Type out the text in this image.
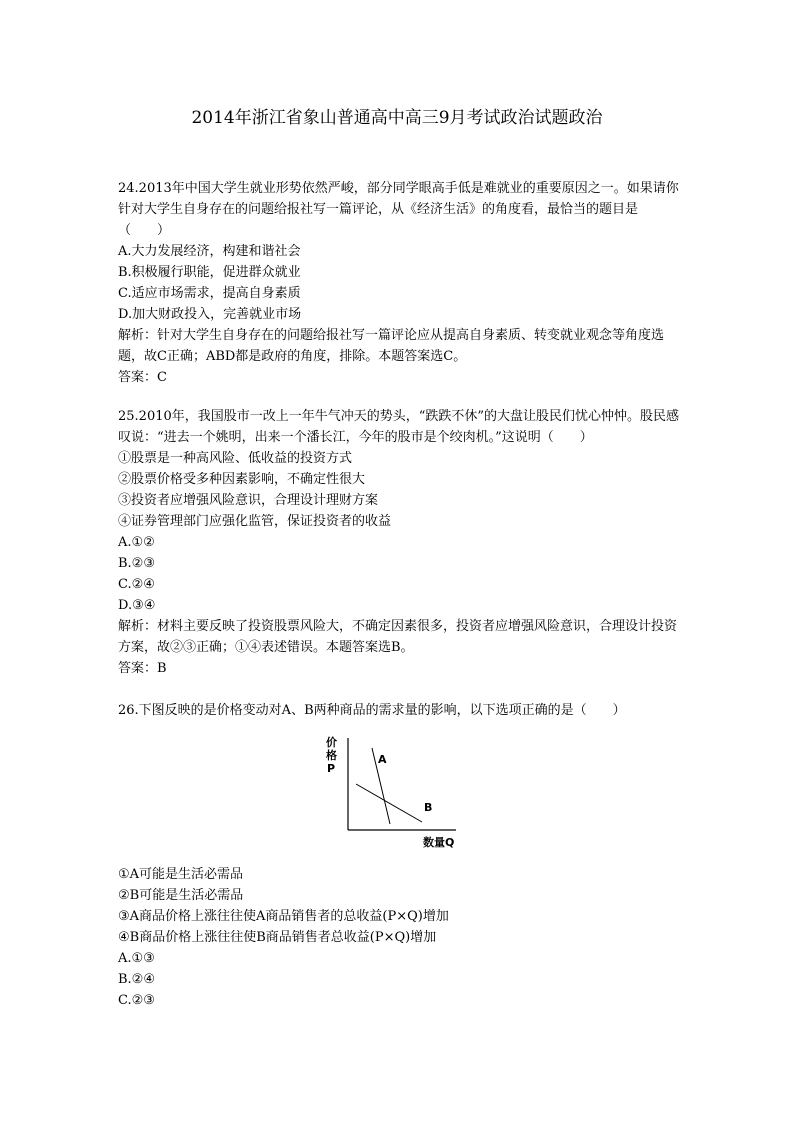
2014年浙江省象山普通高中高三9月考试政治试题政治
24.2013年中国大学生就业形势依然严峻，部分同学眼高手低是难就业的重要原因之一。如果请你针对大学生自身存在的问题给报社写一篇评论，从《经济生活》的角度看，最恰当的题目是　（　　）
A.大力发展经济，构建和谐社会
B.积极履行职能，促进群众就业
C.适应市场需求，提高自身素质
D.加大财政投入，完善就业市场
解析：针对大学生自身存在的问题给报社写一篇评论应从提高自身素质、转变就业观念等角度选题，故C正确；ABD都是政府的角度，排除。本题答案选C。
答案：C
25.2010年，我国股市一改上一年牛气冲天的势头，“跌跌不休”的大盘让股民们忧心忡忡。股民感叹说：“进去一个姚明，出来一个潘长江，今年的股市是个绞肉机。”这说明（　　）
①股票是一种高风险、低收益的投资方式
②股票价格受多种因素影响，不确定性很大
③投资者应增强风险意识，合理设计理财方案
④证券管理部门应强化监管，保证投资者的收益
A.①②
B.②③
C.②④
D.③④
解析：材料主要反映了投资股票风险大，不确定因素很多，投资者应增强风险意识，合理设计投资方案，故②③正确；①④表述错误。本题答案选B。
答案：B
26.下图反映的是价格变动对A、B两种商品的需求量的影响，以下选项正确的是（　　）
价
格
P
A
B
数量Q
①A可能是生活必需品
②B可能是生活必需品
③A商品价格上涨往往使A商品销售者的总收益(P×Q)增加
④B商品价格上涨往往使B商品销售者总收益(P×Q)增加
A.①③
B.②④
C.②③
